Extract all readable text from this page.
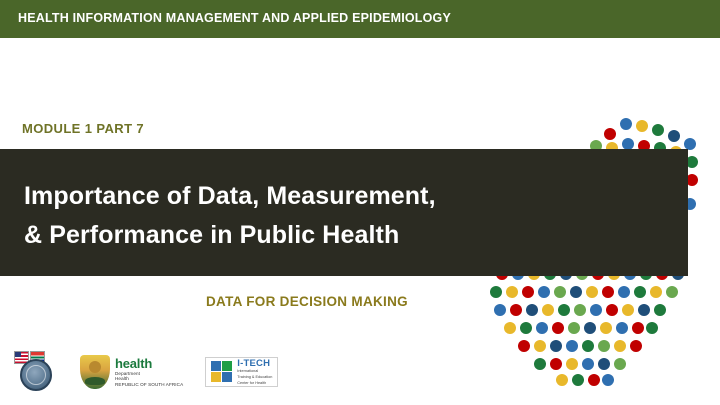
HEALTH INFORMATION MANAGEMENT AND APPLIED EPIDEMIOLOGY
MODULE 1 PART 7
Importance of Data, Measurement,
& Performance in Public Health
DATA FOR DECISION MAKING
health
Department
Health
REPUBLIC OF SOUTH AFRICA
I-TECH
International
Training & Education
Center for Health
